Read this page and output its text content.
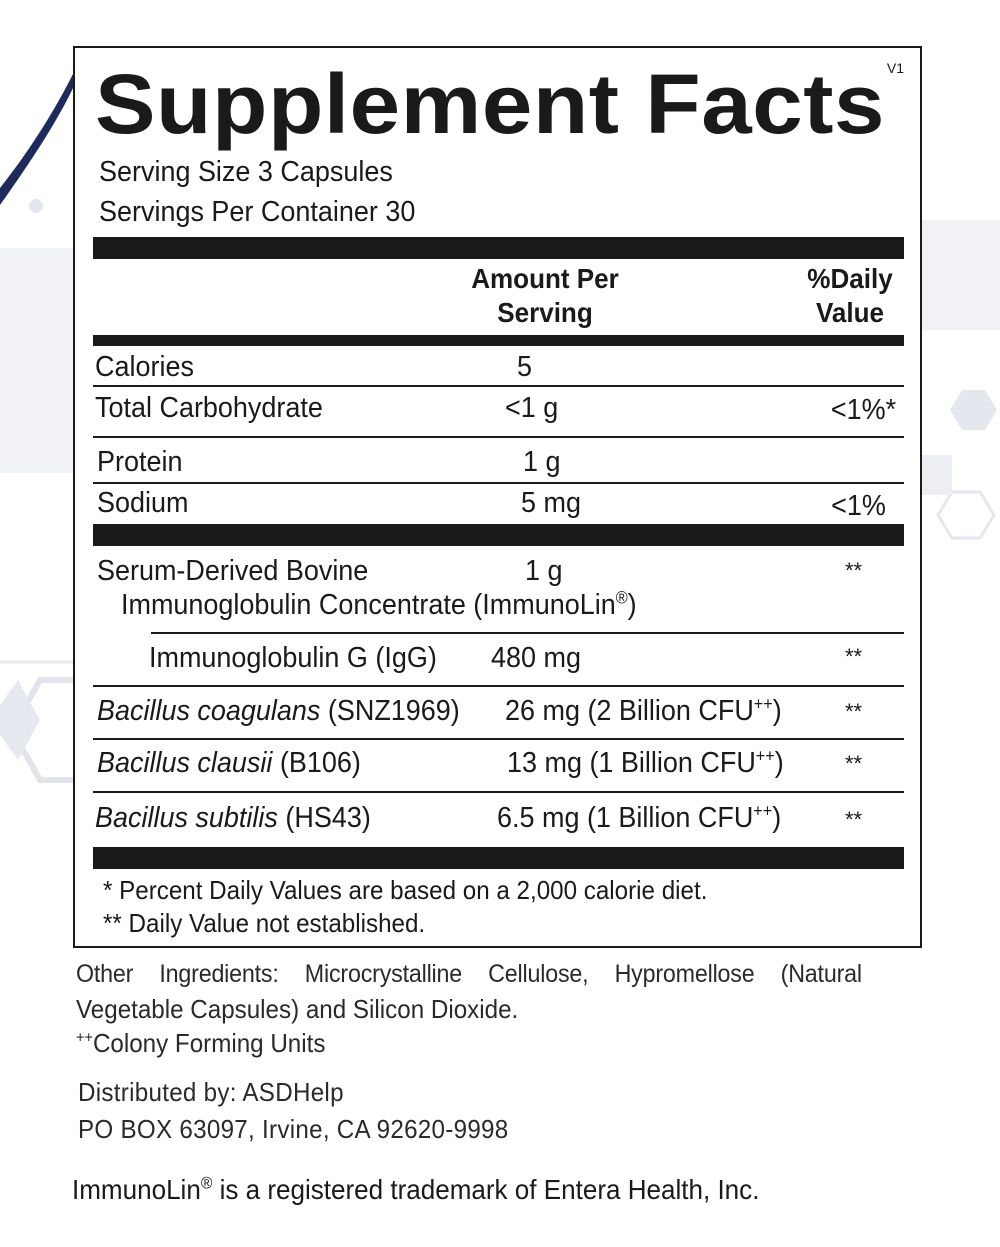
Supplement Facts V1
Serving Size 3 Capsules
Servings Per Container 30
Amount Per
Serving
%Daily
Value
Calories	5
Total Carbohydrate	<1 g	<1%*
Protein	1 g
Sodium	5 mg	<1%
Serum-Derived Bovine
Immunoglobulin Concentrate (ImmunoLin®)
1 g	**
Immunoglobulin G (IgG) 480 mg	**
Bacillus coagulans (SNZ1969) 26 mg (2 Billion CFU++)	**
Bacillus clausii (B106)	13 mg (1 Billion CFU++)	**
Bacillus subtilis (HS43)	6.5 mg (1 Billion CFU++)	**
* Percent Daily Values are based on a 2,000 calorie diet.
** Daily Value not established.
Other Ingredients: Microcrystalline Cellulose, Hypromellose (Natural
Vegetable Capsules) and Silicon Dioxide.
++Colony Forming Units
Distributed by: ASDHelp
PO BOX 63097, Irvine, CA 92620-9998
ImmunoLin® is a registered trademark of Entera Health, Inc.
